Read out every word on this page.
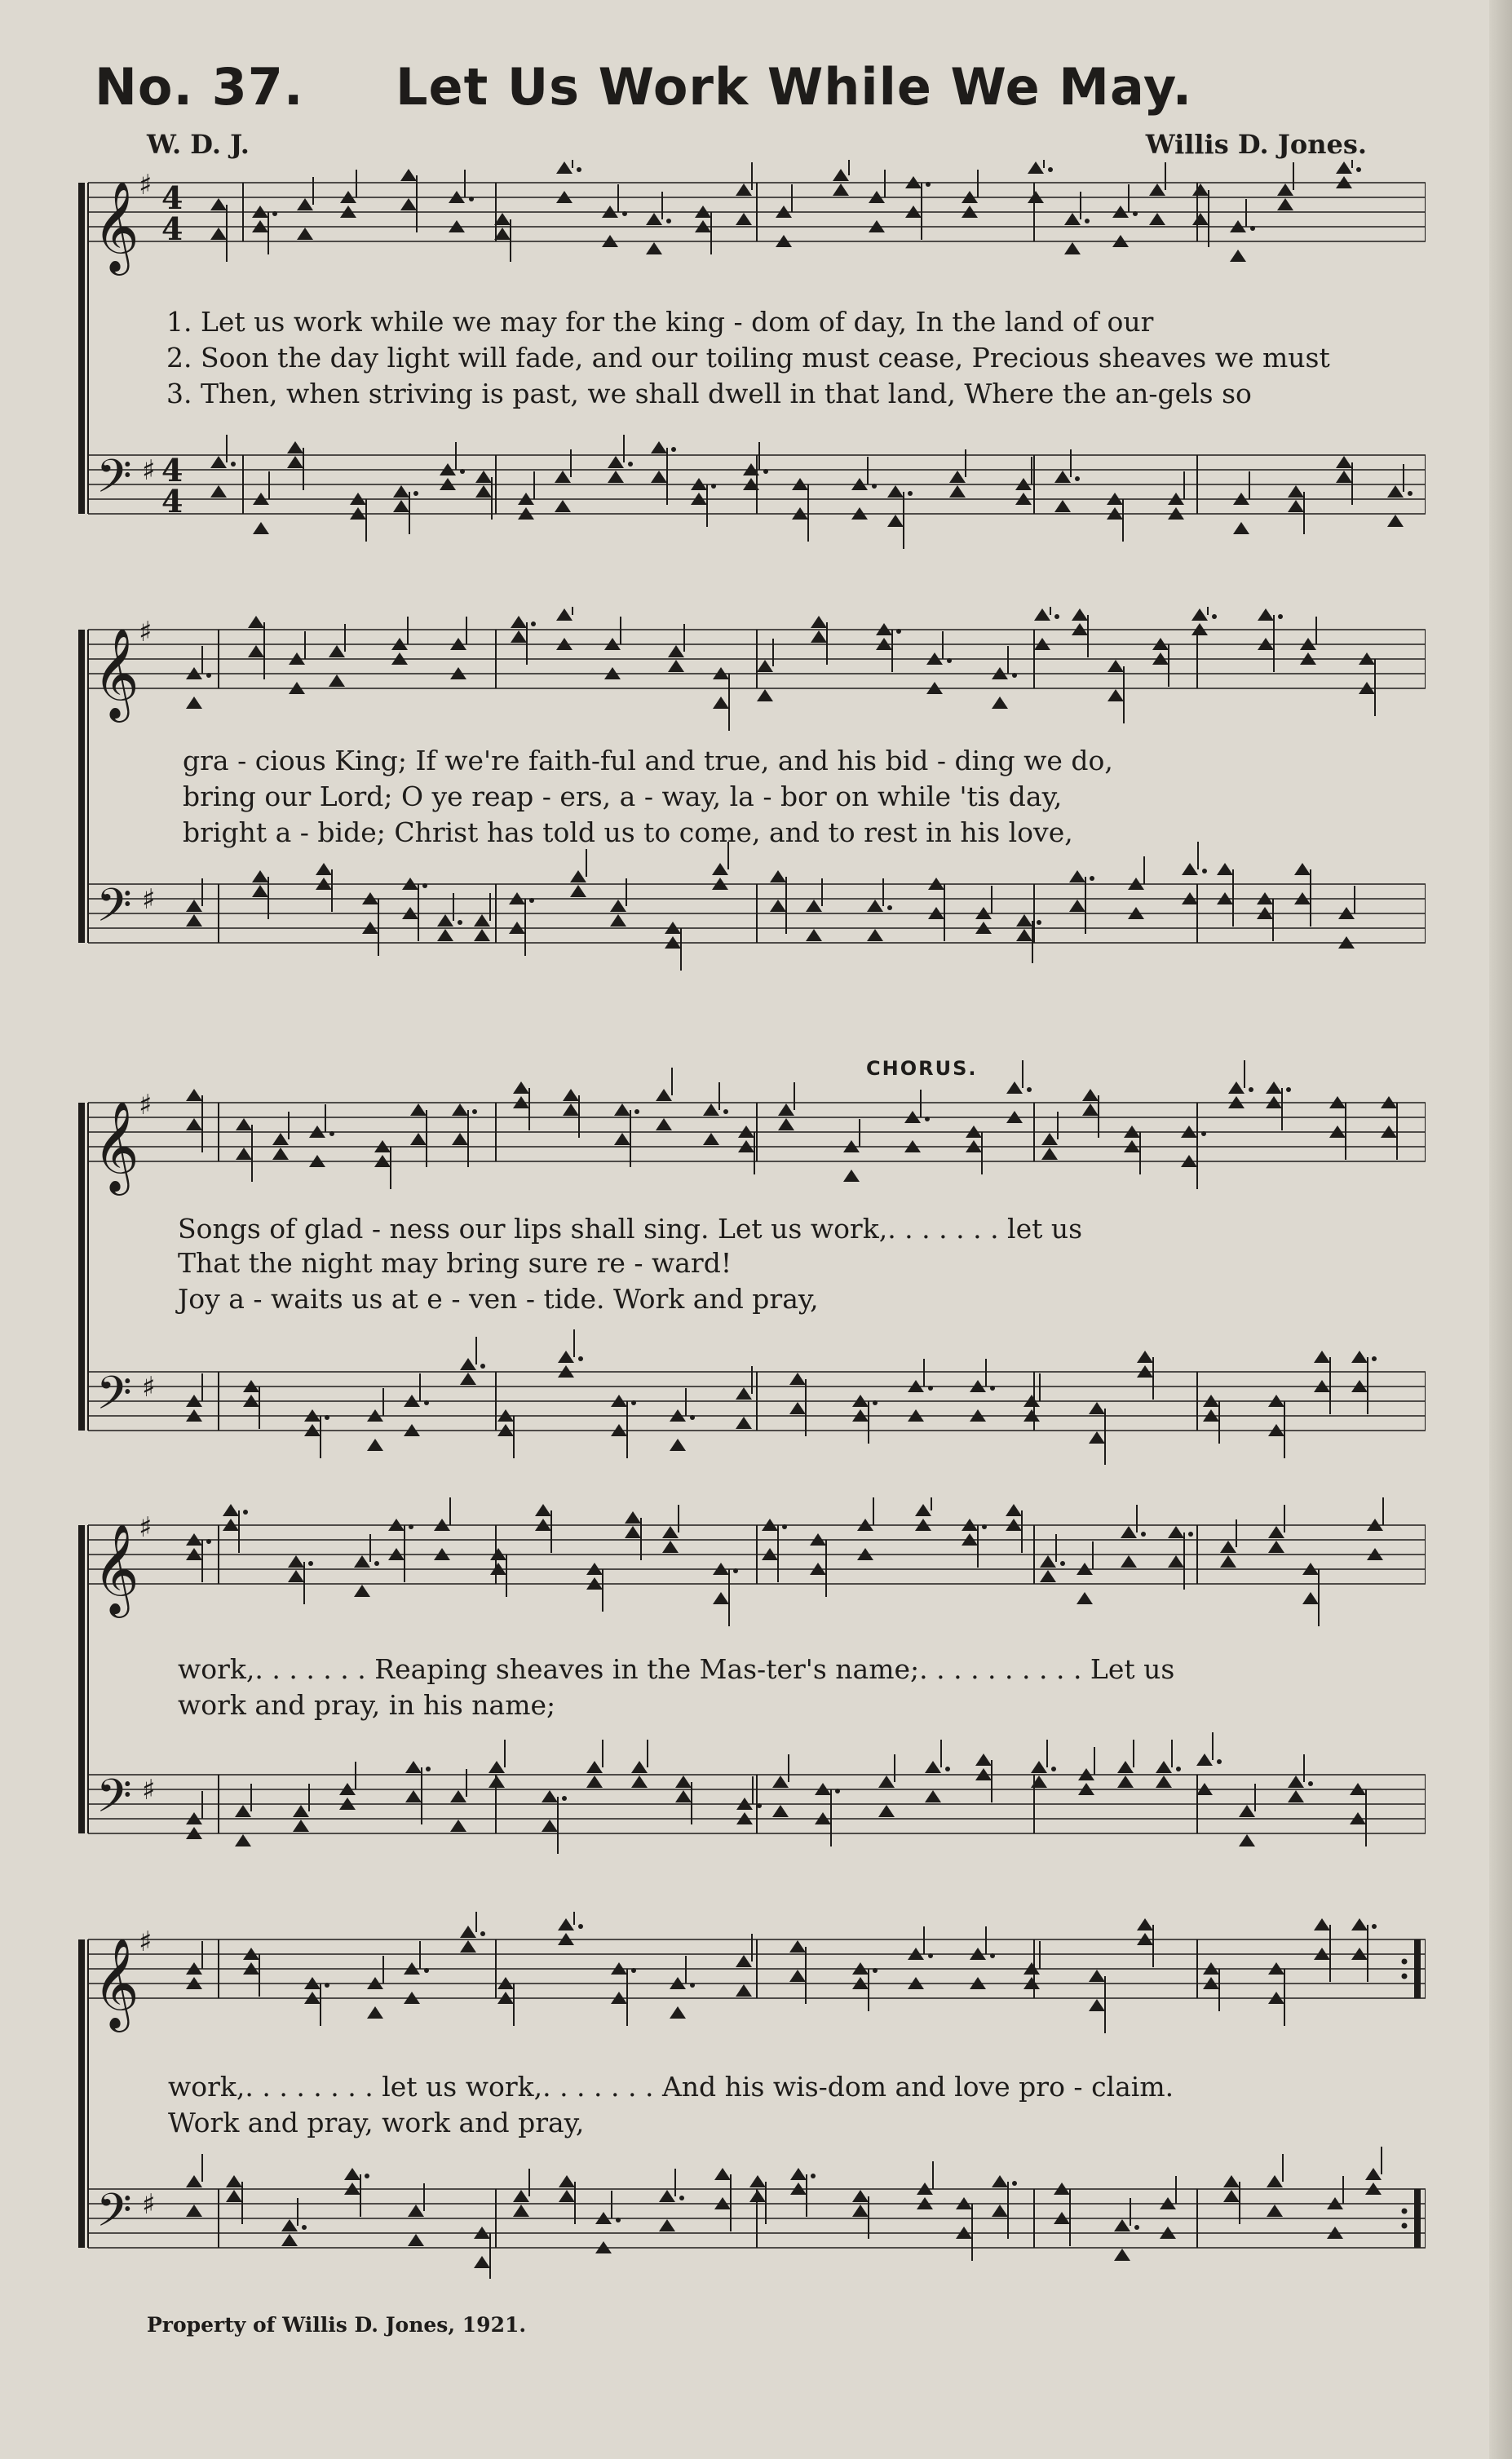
No. 37. Let Us Work While We May.
W. D. J.	Willis D. Jones.
𝄞
𝄢
♯
♯
4
4
4
4
1. Let us work while we may for the king - dom of day, In the land of our
2. Soon the day light will fade, and our toiling must cease, Precious sheaves we must
3. Then, when striving is past, we shall dwell in that land, Where the an-gels so
𝄞
𝄢
♯
♯
gra - cious King; If we're faith-ful and true, and his bid - ding we do,
bring our Lord; O ye reap - ers, a - way, la - bor on while 'tis day,
bright a - bide; Christ has told us to come, and to rest in his love,
CHORUS.
𝄞
𝄢
♯
♯
Songs of glad - ness our lips shall sing. Let us work,. . . . . . . let us
That the night may bring sure re - ward!
Joy a - waits us at e - ven - tide. Work and pray,
𝄞
𝄢
♯
♯
work,. . . . . . . Reaping sheaves in the Mas-ter's name;. . . . . . . . . . Let us
work and pray, in his name;
𝄞
𝄢
♯
♯
work,. . . . . . . . let us work,. . . . . . . And his wis-dom and love pro - claim.
Work and pray, work and pray,
Property of Willis D. Jones, 1921.
